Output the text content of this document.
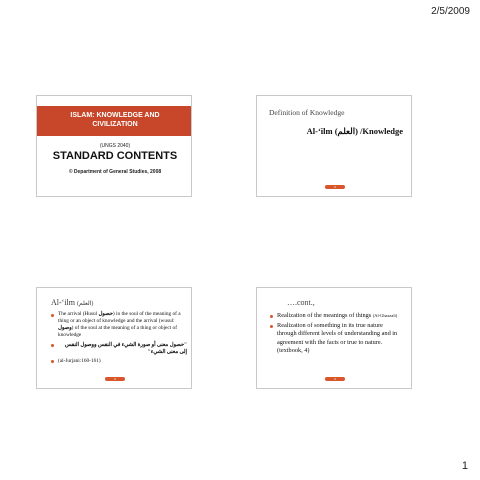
2/5/2009
ISLAM: KNOWLEDGE AND
CIVILIZATION
(UNGS 2040)
STANDARD CONTENTS
© Department of General Studies, 2008
Definition of Knowledge
Al-‘ilm (العلم) /Knowledge
2
Al-‘ilm (العلم)
The arrival (Husul حصول) in the soul of the meaning of a thing or an object of knowledge and the arrival (wusul: وصول) of the soul at the meaning of a thing or object of knowledge
"حصول معنى أو صورة الشيء في النفس ووصول النفس إلى معنى الشيء"
(al-Jurjani:160-161)
3
….cont.,
Realization of the meanings of things (Al-Ghazzali)
Realization of something in its true nature through different levels of understanding and in agreement with the facts or true to nature. (textbook, 4)
4
1
